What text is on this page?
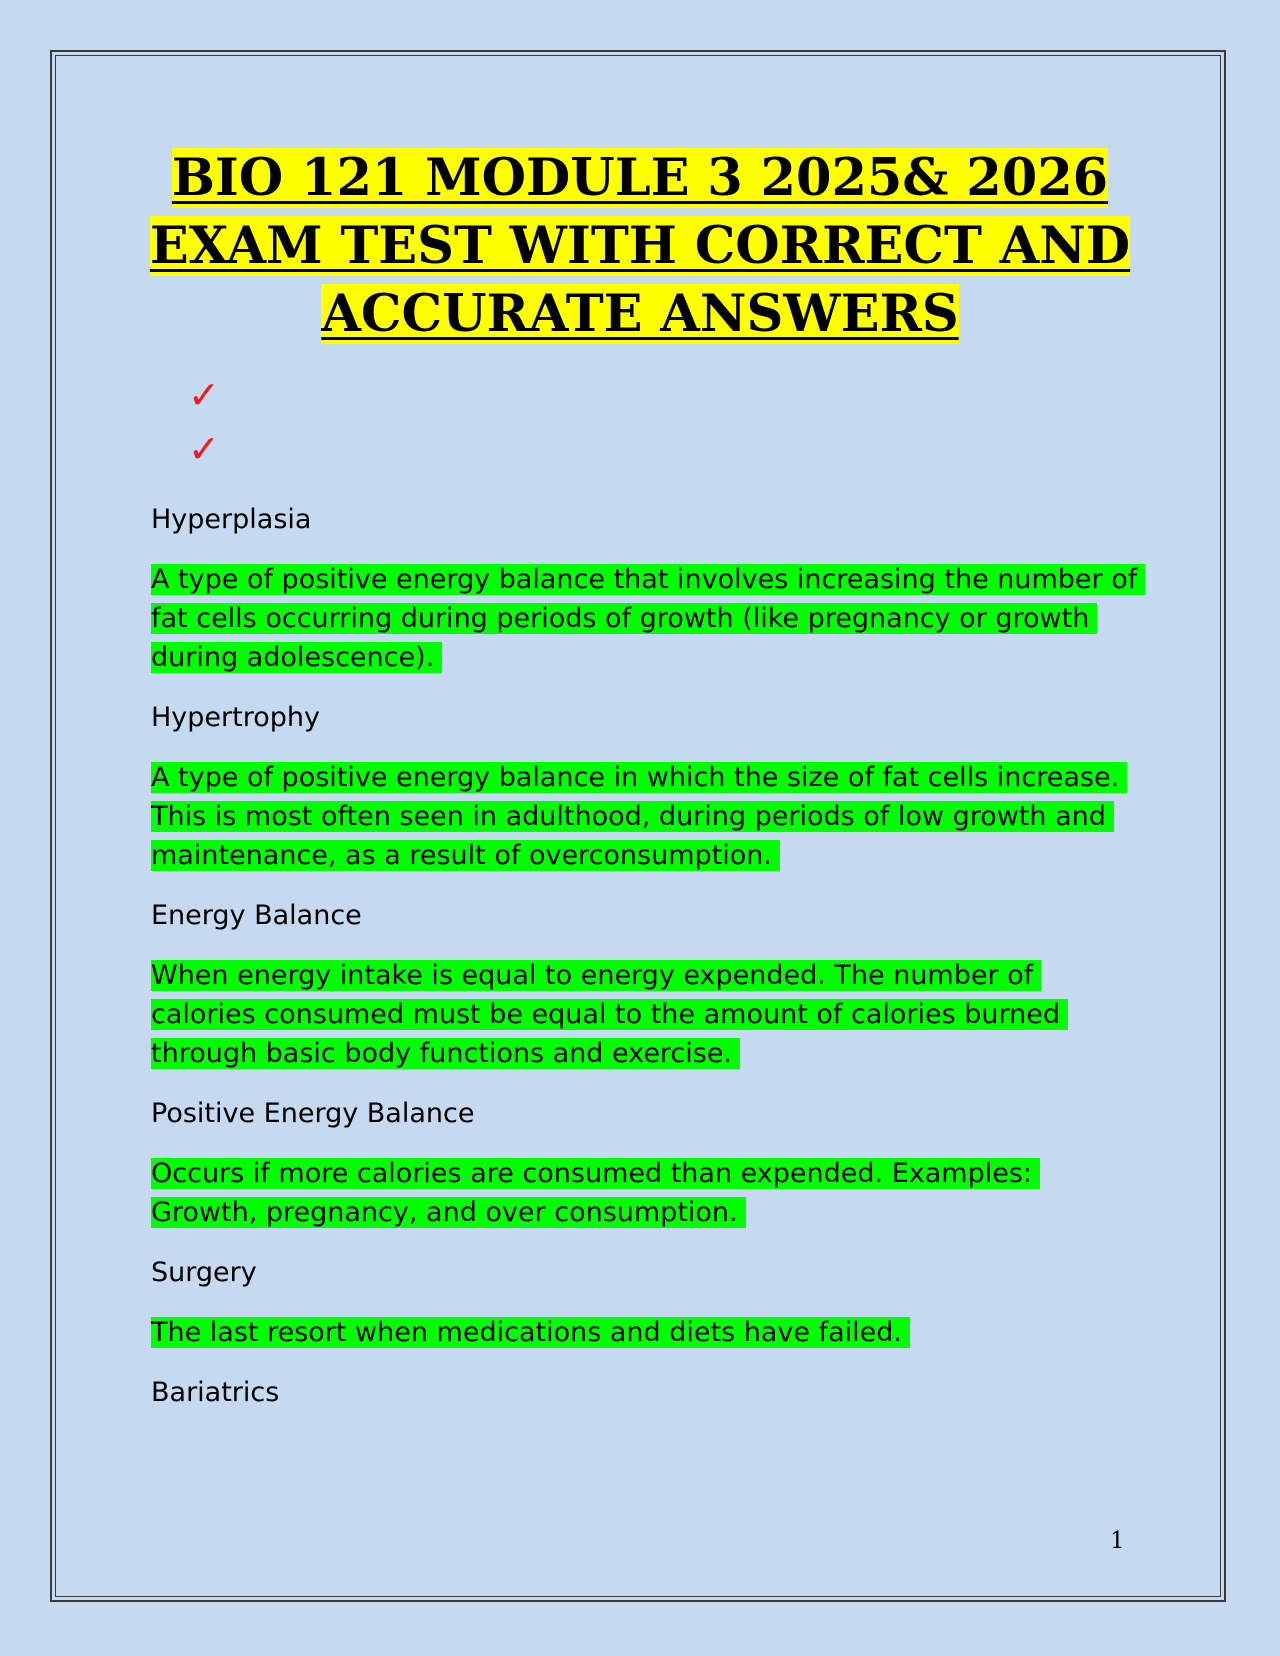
BIO 121 MODULE 3 2025& 2026 EXAM TEST WITH CORRECT AND ACCURATE ANSWERS
✓
✓

Hyperplasia

A type of positive energy balance that involves increasing the number of fat cells occurring during periods of growth (like pregnancy or growth during adolescence).

Hypertrophy

A type of positive energy balance in which the size of fat cells increase. This is most often seen in adulthood, during periods of low growth and maintenance, as a result of overconsumption.

Energy Balance

When energy intake is equal to energy expended. The number of calories consumed must be equal to the amount of calories burned through basic body functions and exercise.

Positive Energy Balance

Occurs if more calories are consumed than expended. Examples: Growth, pregnancy, and over consumption.

Surgery

The last resort when medications and diets have failed.

Bariatrics

1
